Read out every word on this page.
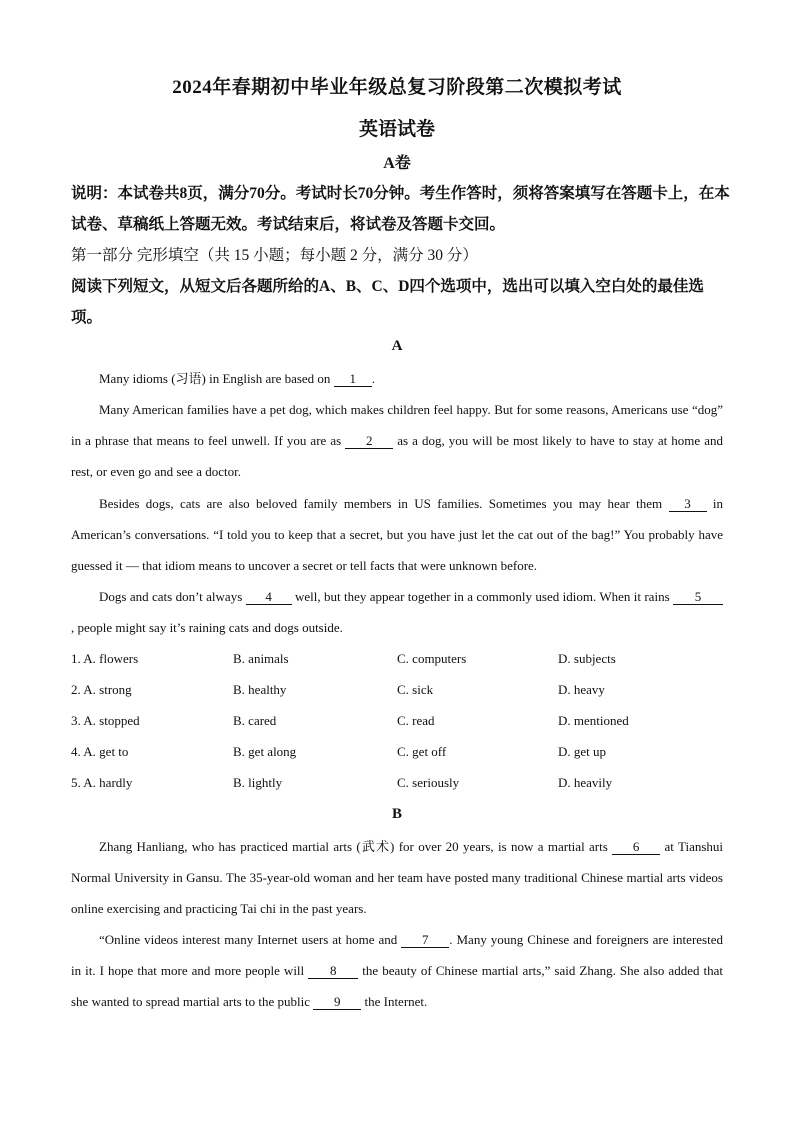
2024年春期初中毕业年级总复习阶段第二次模拟考试
英语试卷
A卷
说明：本试卷共8页，满分70分。考试时长70分钟。考生作答时，须将答案填写在答题卡上，在本试卷、草稿纸上答题无效。考试结束后，将试卷及答题卡交回。
第一部分 完形填空（共 15 小题；每小题 2 分，满分 30 分）
阅读下列短文，从短文后各题所给的A、B、C、D四个选项中，选出可以填入空白处的最佳选项。
A
Many idioms (习语) in English are based on 1 .
Many American families have a pet dog, which makes children feel happy. But for some reasons, Americans use “dog” in a phrase that means to feel unwell. If you are as 2 as a dog, you will be most likely to have to stay at home and rest, or even go and see a doctor.
Besides dogs, cats are also beloved family members in US families. Sometimes you may hear them 3 in American’s conversations. “I told you to keep that a secret, but you have just let the cat out of the bag!” You probably have guessed it — that idiom means to uncover a secret or tell facts that were unknown before.
Dogs and cats don’t always 4 well, but they appear together in a commonly used idiom. When it rains 5, people might say it’s raining cats and dogs outside.
1. A. flowers	B. animals	C. computers	D. subjects
2. A. strong	B. healthy	C. sick	D. heavy
3. A. stopped	B. cared	C. read	D. mentioned
4. A. get to	B. get along	C. get off	D. get up
5. A. hardly	B. lightly	C. seriously	D. heavily
B
Zhang Hanliang, who has practiced martial arts (武术) for over 20 years, is now a martial arts 6 at Tianshui Normal University in Gansu. The 35-year-old woman and her team have posted many traditional Chinese martial arts videos online exercising and practicing Tai chi in the past years.
“Online videos interest many Internet users at home and 7 . Many young Chinese and foreigners are interested in it. I hope that more and more people will 8 the beauty of Chinese martial arts,” said Zhang. She also added that she wanted to spread martial arts to the public 9 the Internet.
